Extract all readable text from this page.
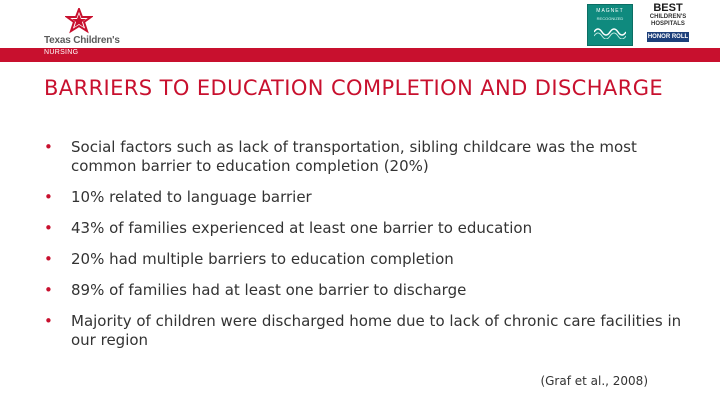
Texas Children's
MAGNET
RECOGNIZED
BEST
CHILDREN'S HOSPITALS
HONOR ROLL
NURSING
BARRIERS TO EDUCATION COMPLETION AND DISCHARGE
• Social factors such as lack of transportation, sibling childcare was the most common barrier to education completion (20%)
• 10% related to language barrier
• 43% of families experienced at least one barrier to education
• 20% had multiple barriers to education completion
• 89% of families had at least one barrier to discharge
• Majority of children were discharged home due to lack of chronic care facilities in our region
(Graf et al., 2008)
